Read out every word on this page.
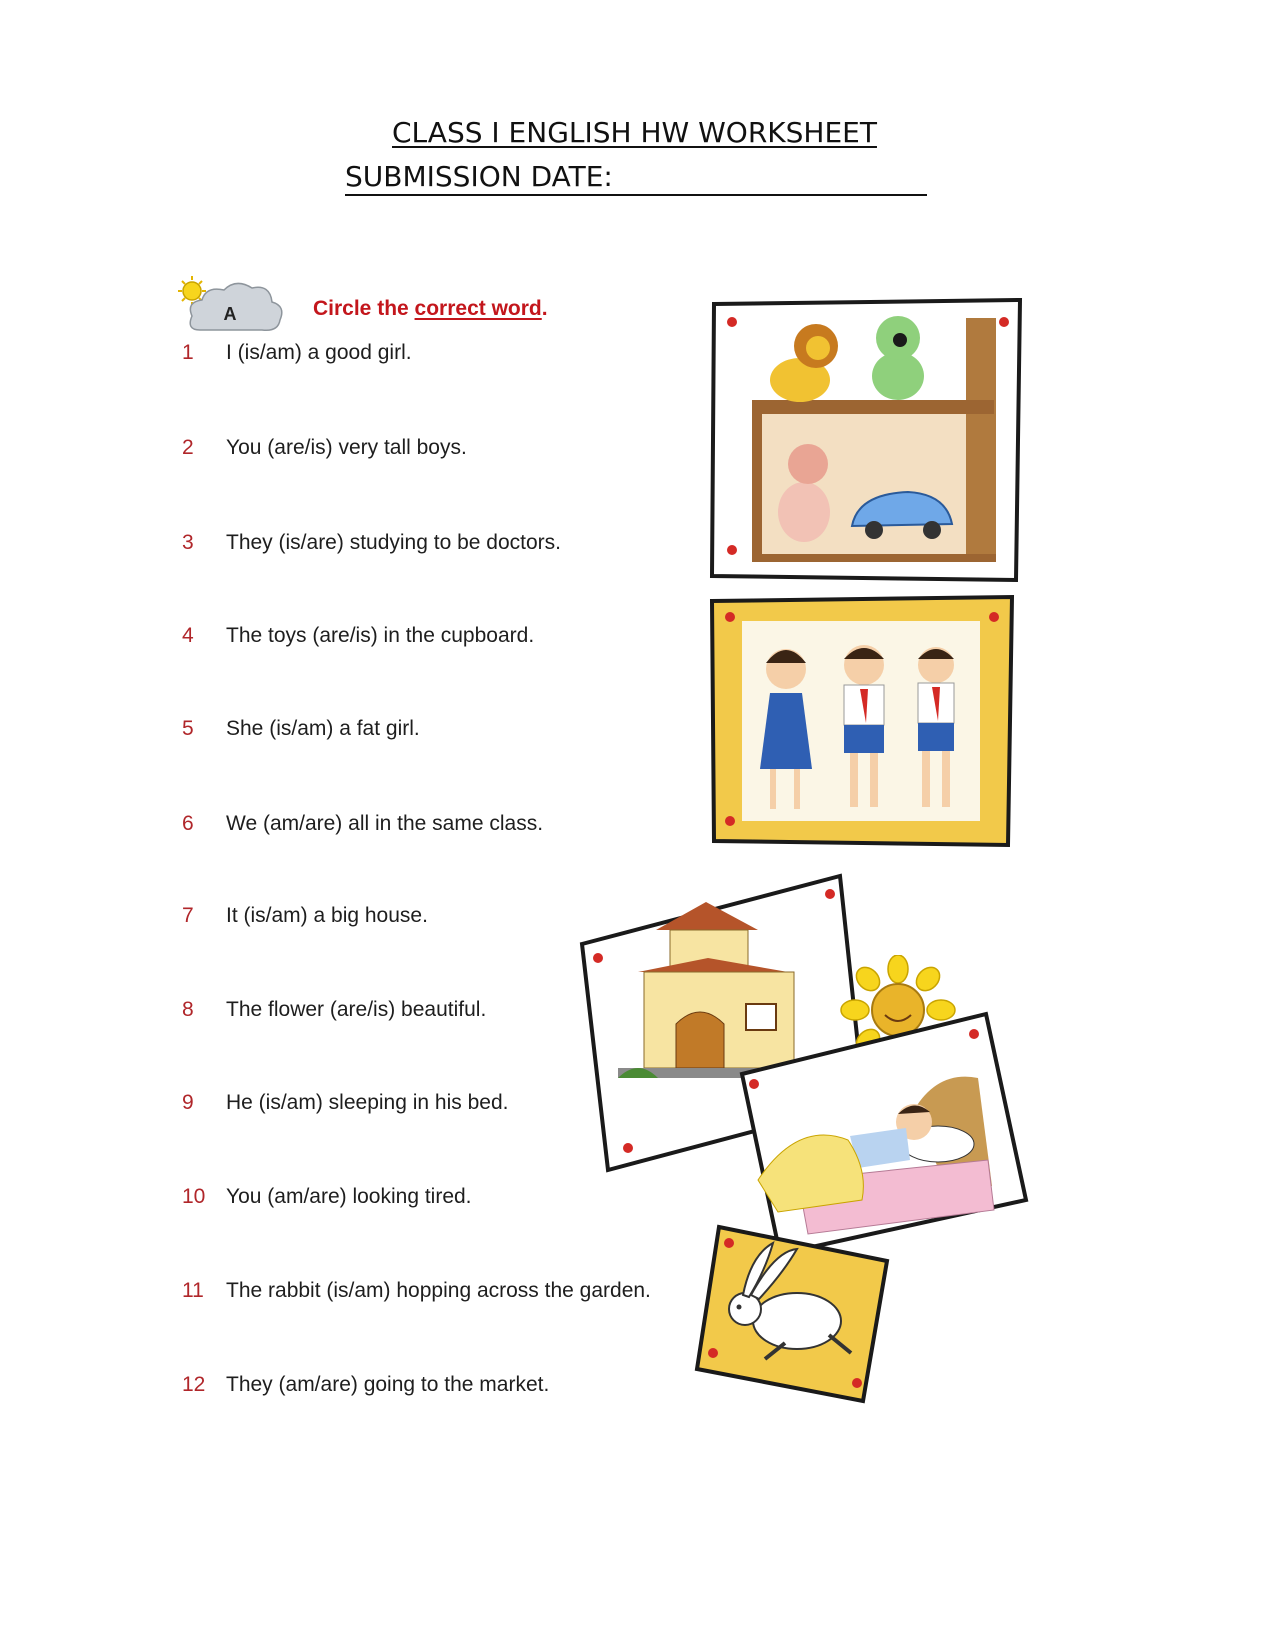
CLASS I ENGLISH HW WORKSHEET
SUBMISSION DATE:
A	Circle the correct word.
1 I (is/am) a good girl.
2 You (are/is) very tall boys.
3 They (is/are) studying to be doctors.
4 The toys (are/is) in the cupboard.
5 She (is/am) a fat girl.
6 We (am/are) all in the same class.
7 It (is/am) a big house.
8 The flower (are/is) beautiful.
9 He (is/am) sleeping in his bed.
10 You (am/are) looking tired.
11 The rabbit (is/am) hopping across the garden.
12 They (am/are) going to the market.
